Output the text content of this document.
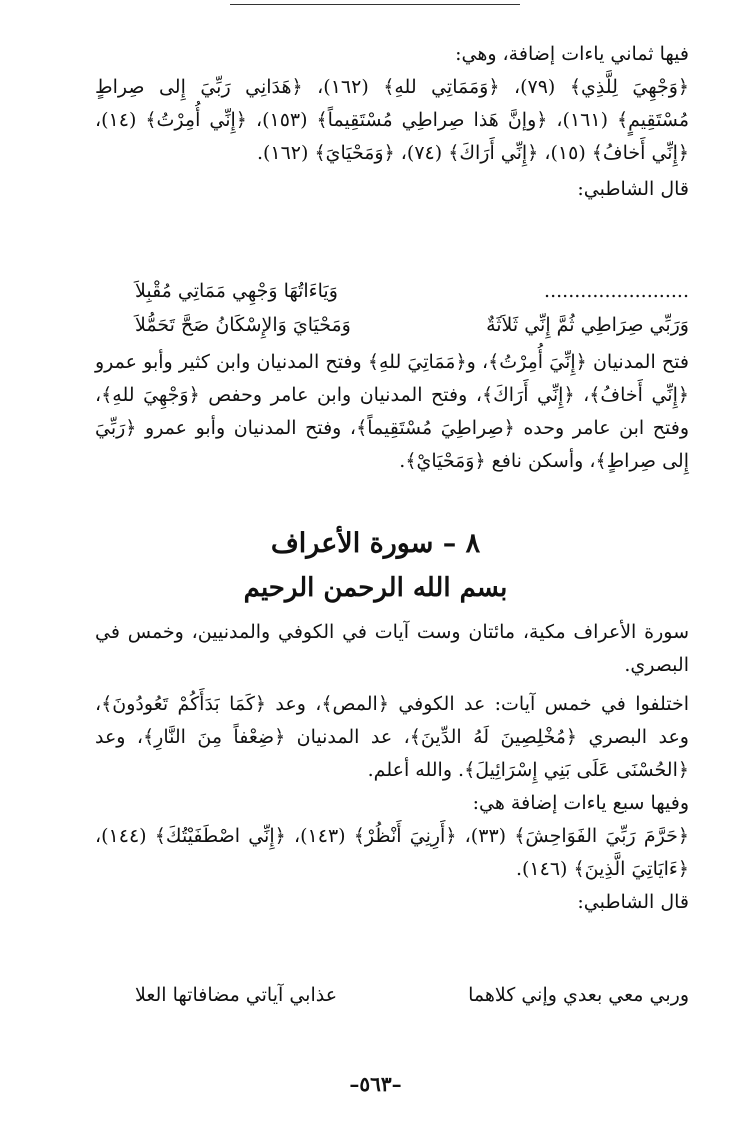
فيها ثماني ياءات إضافة، وهي:

﴿وَجْهِيَ لِلَّذِي﴾ (٧٩)، ﴿وَمَمَاتِي للهِ﴾ (١٦٢)، ﴿هَدَانِي رَبِّيَ إِلى صِراطٍ مُسْتَقِيمٍ﴾ (١٦١)، ﴿وإنَّ هَذا صِراطِي مُسْتَقِيماً﴾ (١٥٣)، ﴿إِنِّي أُمِرْتُ﴾ (١٤)، ﴿إِنِّي أَخافُ﴾ (١٥)، ﴿إِنِّي أَرَاكَ﴾ (٧٤)، ﴿وَمَحْيَايَ﴾ (١٦٢).

قال الشاطبي:

........................
وَيَاءَاتُهَا وَجْهِي مَمَاتِي مُقْبِلاَ
وَرَبِّي صِرَاطِي ثُمَّ إِنِّي ثَلاَثَةٌ
وَمَحْيَايَ وَالإِسْكَانُ صَحَّ تَحَمُّلاَ

فتح المدنيان ﴿إِنِّيَ أُمِرْتُ﴾، و﴿مَمَاتِيَ للهِ﴾ وفتح المدنيان وابن كثير وأبو عمرو ﴿إِنِّي أَخافُ﴾، ﴿إِنِّي أَرَاكَ﴾، وفتح المدنيان وابن عامر وحفص ﴿وَجْهِيَ للهِ﴾، وفتح ابن عامر وحده ﴿صِراطِيَ مُسْتَقِيماً﴾، وفتح المدنيان وأبو عمرو ﴿رَبِّيَ إِلى صِراطٍ﴾، وأسكن نافع ﴿وَمَحْيَايْ﴾.

٨ – سورة الأعراف
بسم الله الرحمن الرحيم

سورة الأعراف مكية، مائتان وست آيات في الكوفي والمدنيين، وخمس في البصري.

اختلفوا في خمس آيات: عد الكوفي ﴿المص﴾، وعد ﴿كَمَا بَدَأَكُمْ تَعُودُونَ﴾، وعد البصري ﴿مُخْلِصِينَ لَهُ الدِّينَ﴾، عد المدنيان ﴿ضِعْفاً مِنَ النَّارِ﴾، وعد ﴿الحُسْنَى عَلَى بَنِي إِسْرَائِيلَ﴾. والله أعلم.

وفيها سبع ياءات إضافة هي:

﴿حَرَّمَ رَبِّيَ الفَوَاحِشَ﴾ (٣٣)، ﴿أَرِنِيَ أَنْظُرْ﴾ (١٤٣)، ﴿إِنِّي اصْطَفَيْتُكَ﴾ (١٤٤)، ﴿ءَايَاتِيَ الَّذِينَ﴾ (١٤٦).

قال الشاطبي:

وربي معي بعدي وإني كلاهما
عذابي آياتي مضافاتها العلا
–٥٦٣–
